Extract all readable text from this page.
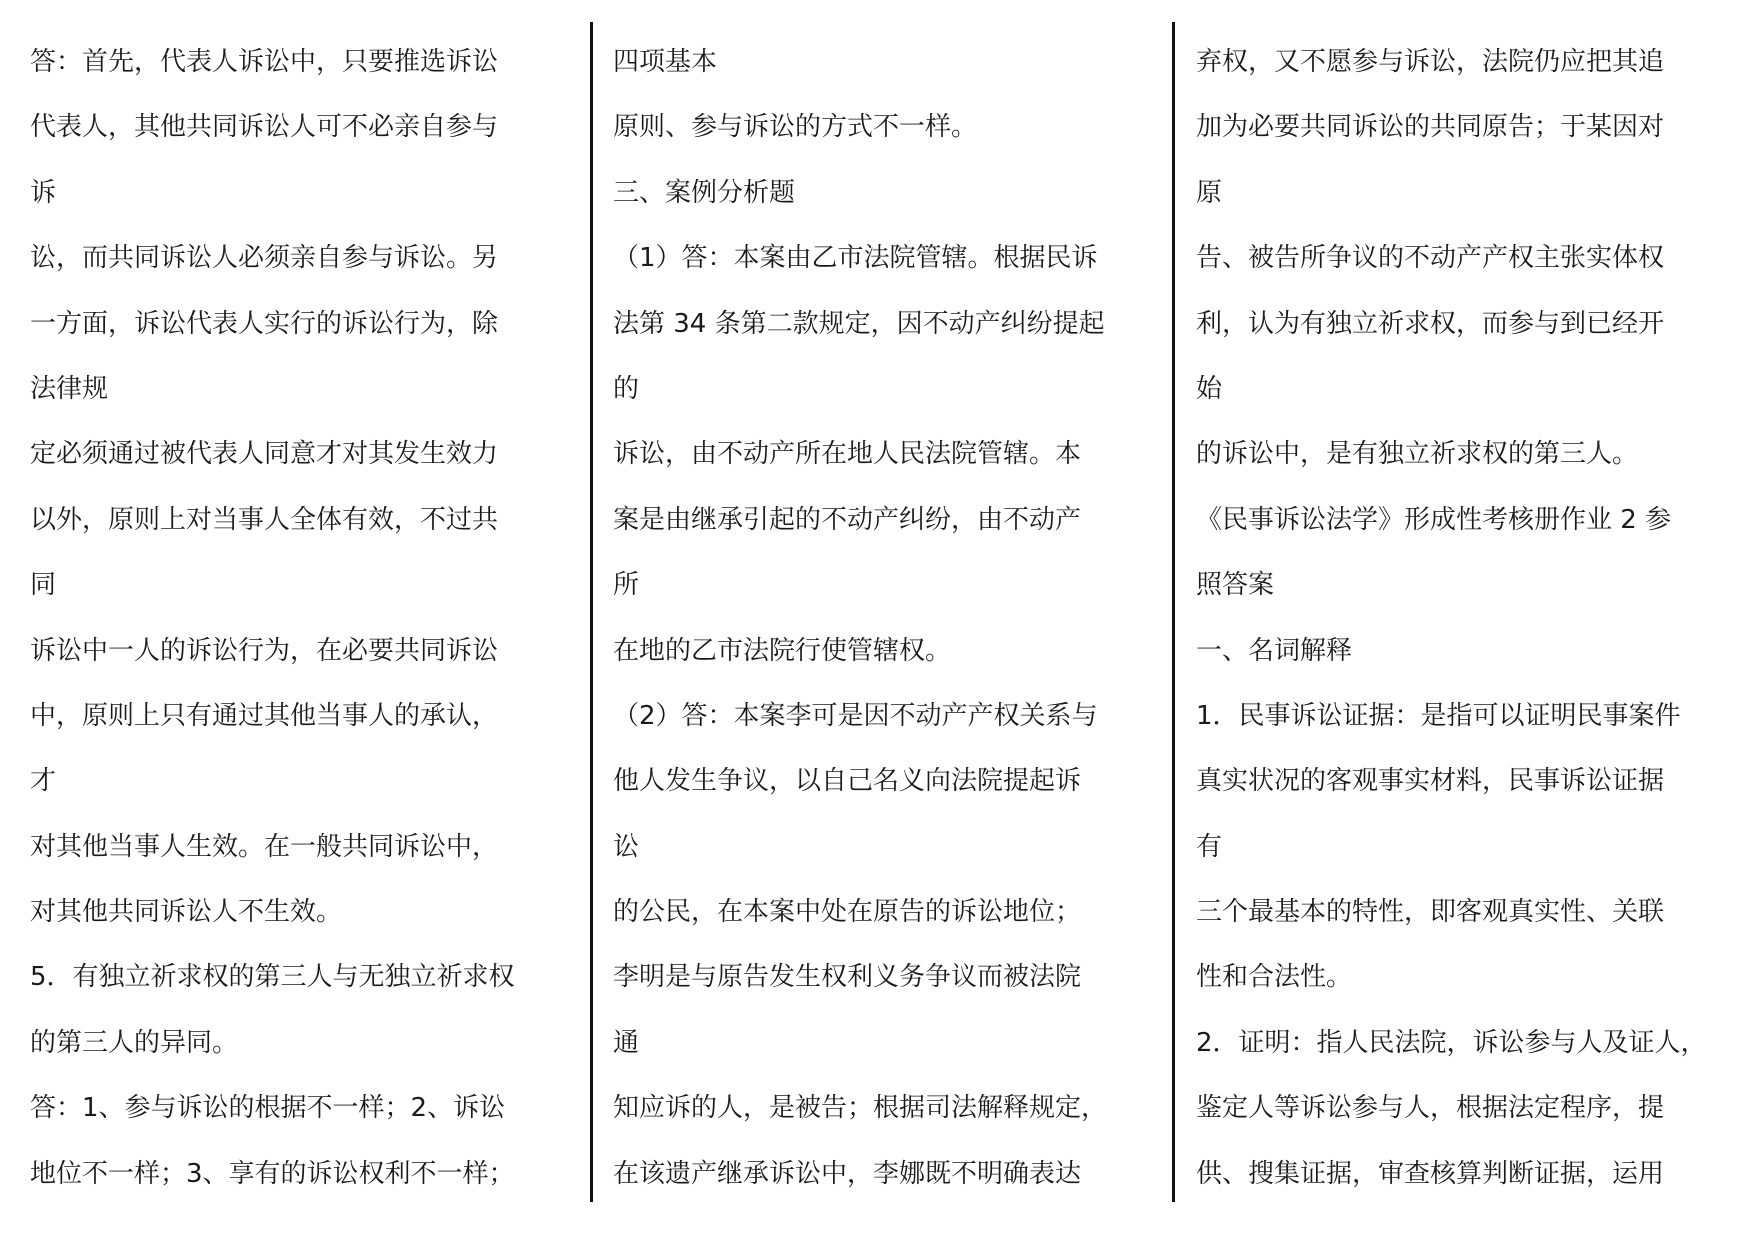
答：首先，代表人诉讼中，只要推选诉讼
代表人，其他共同诉讼人可不必亲自参与
诉
讼，而共同诉讼人必须亲自参与诉讼。另
一方面，诉讼代表人实行的诉讼行为，除
法律规
定必须通过被代表人同意才对其发生效力
以外，原则上对当事人全体有效，不过共
同
诉讼中一人的诉讼行为，在必要共同诉讼
中，原则上只有通过其他当事人的承认，
才
对其他当事人生效。在一般共同诉讼中，
对其他共同诉讼人不生效。
5．有独立祈求权的第三人与无独立祈求权
的第三人的异同。
答：1、参与诉讼的根据不一样；2、诉讼
地位不一样；3、享有的诉讼权利不一样；
四项基本
原则、参与诉讼的方式不一样。
三、案例分析题
（1）答：本案由乙市法院管辖。根据民诉
法第 34 条第二款规定，因不动产纠纷提起
的
诉讼，由不动产所在地人民法院管辖。本
案是由继承引起的不动产纠纷，由不动产
所
在地的乙市法院行使管辖权。
（2）答：本案李可是因不动产产权关系与
他人发生争议，以自己名义向法院提起诉
讼
的公民，在本案中处在原告的诉讼地位；
李明是与原告发生权利义务争议而被法院
通
知应诉的人，是被告；根据司法解释规定，
在该遗产继承诉讼中，李娜既不明确表达
弃权，又不愿参与诉讼，法院仍应把其追
加为必要共同诉讼的共同原告；于某因对
原
告、被告所争议的不动产产权主张实体权
利，认为有独立祈求权，而参与到已经开
始
的诉讼中，是有独立祈求权的第三人。
《民事诉讼法学》形成性考核册作业 2 参
照答案
一、名词解释
1．民事诉讼证据：是指可以证明民事案件
真实状况的客观事实材料，民事诉讼证据
有
三个最基本的特性，即客观真实性、关联
性和合法性。
2．证明：指人民法院，诉讼参与人及证人，
鉴定人等诉讼参与人，根据法定程序，提
供、搜集证据，审查核算判断证据，运用
